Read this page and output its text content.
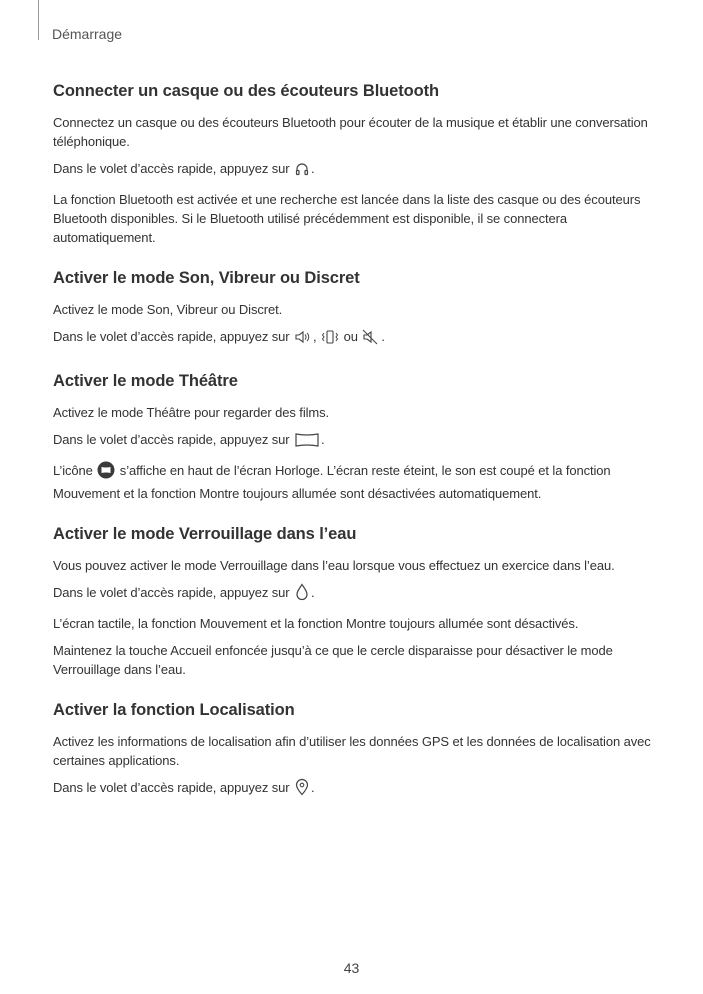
Démarrage
Connecter un casque ou des écouteurs Bluetooth

Connectez un casque ou des écouteurs Bluetooth pour écouter de la musique et établir une conversation téléphonique.

Dans le volet d’accès rapide, appuyez sur .

La fonction Bluetooth est activée et une recherche est lancée dans la liste des casque ou des écouteurs Bluetooth disponibles. Si le Bluetooth utilisé précédemment est disponible, il se connectera automatiquement.

Activer le mode Son, Vibreur ou Discret

Activez le mode Son, Vibreur ou Discret.

Dans le volet d’accès rapide, appuyez sur ,  ou .

Activer le mode Théâtre

Activez le mode Théâtre pour regarder des films.

Dans le volet d’accès rapide, appuyez sur .

L’icône  s’affiche en haut de l’écran Horloge. L’écran reste éteint, le son est coupé et la fonction Mouvement et la fonction Montre toujours allumée sont désactivées automatiquement.

Activer le mode Verrouillage dans l’eau

Vous pouvez activer le mode Verrouillage dans l’eau lorsque vous effectuez un exercice dans l’eau.

Dans le volet d’accès rapide, appuyez sur .

L’écran tactile, la fonction Mouvement et la fonction Montre toujours allumée sont désactivés.

Maintenez la touche Accueil enfoncée jusqu’à ce que le cercle disparaisse pour désactiver le mode Verrouillage dans l’eau.

Activer la fonction Localisation

Activez les informations de localisation afin d’utiliser les données GPS et les données de localisation avec certaines applications.

Dans le volet d’accès rapide, appuyez sur .

43
